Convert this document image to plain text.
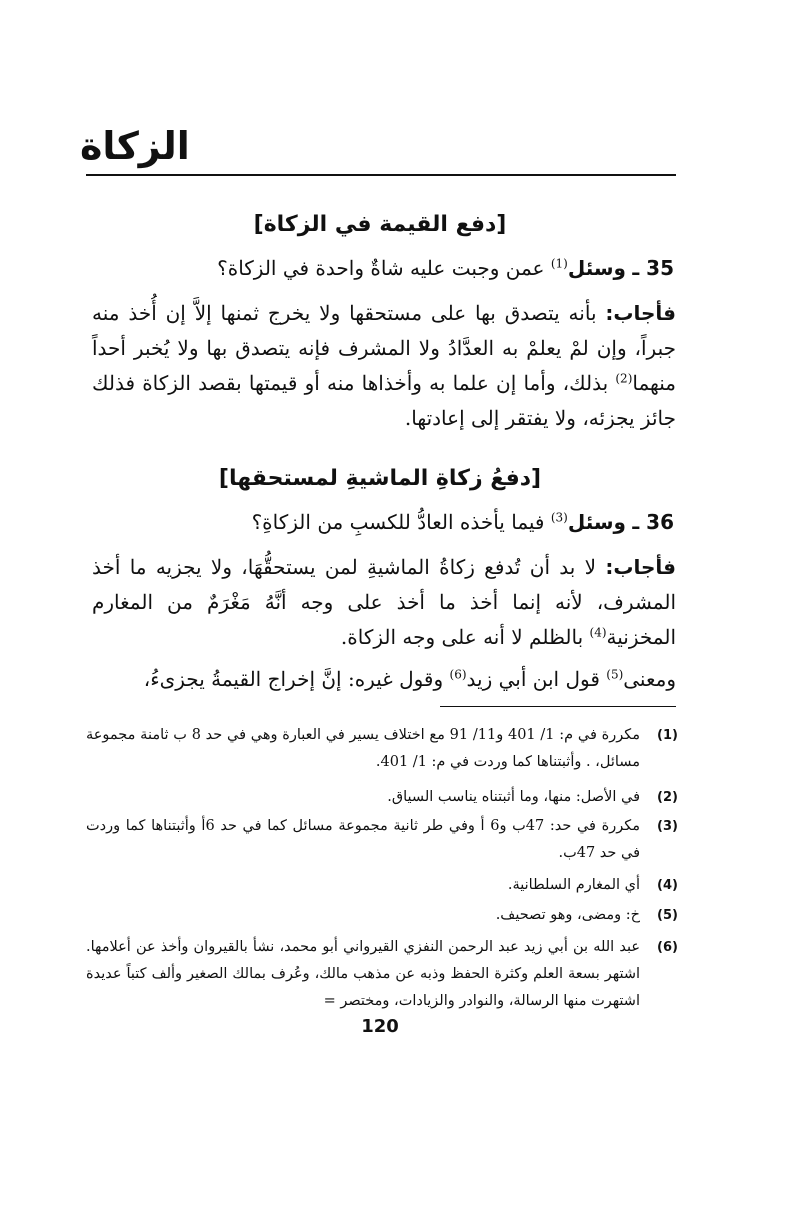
الزكاة
[دفع القيمة في الزكاة]
35 ـ وسئل$^{(1)}$ عمن وجبت عليه شاةٌ واحدة في الزكاة؟
فأجاب: بأنه يتصدق بها على مستحقها ولا يخرج ثمنها إلاَّ إن أُخذ منه جبراً، وإن لمْ يعلمْ به العدَّادُ ولا المشرف فإنه يتصدق بها ولا يُخبر أحداً منهما$^{(2)}$ بذلك، وأما إن علما به وأخذاها منه أو قيمتها بقصد الزكاة فذلك جائز يجزئه، ولا يفتقر إلى إعادتها.
[دفعُ زكاةِ الماشيةِ لمستحقها]
36 ـ وسئل$^{(3)}$ فيما يأخذه العادُّ للكسبِ من الزكاةِ؟
فأجاب: لا بد أن تُدفع زكاةُ الماشيةِ لمن يستحقُّهَا، ولا يجزيه ما أخذ المشرف، لأنه إنما أخذ ما أخذ على وجه أنَّهُ مَغْرَمٌ من المغارم المخزنية$^{(4)}$ بالظلم لا أنه على وجه الزكاة.
ومعنى$^{(5)}$ قول ابن أبي زيد$^{(6)}$ وقول غيره: إنَّ إخراج القيمةُ يجزىءُ،
(1)
مكررة في م: 1/ 401 و11/ 91 مع اختلاف يسير في العبارة وهي في حد 8 ب ثامنة مجموعة مسائل، . وأثبتناها كما وردت في م: 1/ 401.
(2)
في الأصل: منها، وما أثبتناه يناسب السياق.
(3)
مكررة في حد: 47ب و6 أ وفي طر ثانية مجموعة مسائل كما في حد 6أ وأثبتناها كما وردت في حد 47ب.
(4)
أي المغارم السلطانية.
(5)
خ: ومضى، وهو تصحيف.
(6)
عبد الله بن أبي زيد عبد الرحمن النفزي القيرواني أبو محمد، نشأ بالقيروان وأخذ عن أعلامها. اشتهر بسعة العلم وكثرة الحفظ وذبه عن مذهب مالك، وعُرف بمالك الصغير وألف كتباً عديدة اشتهرت منها الرسالة، والنوادر والزيادات، ومختصر =
120
